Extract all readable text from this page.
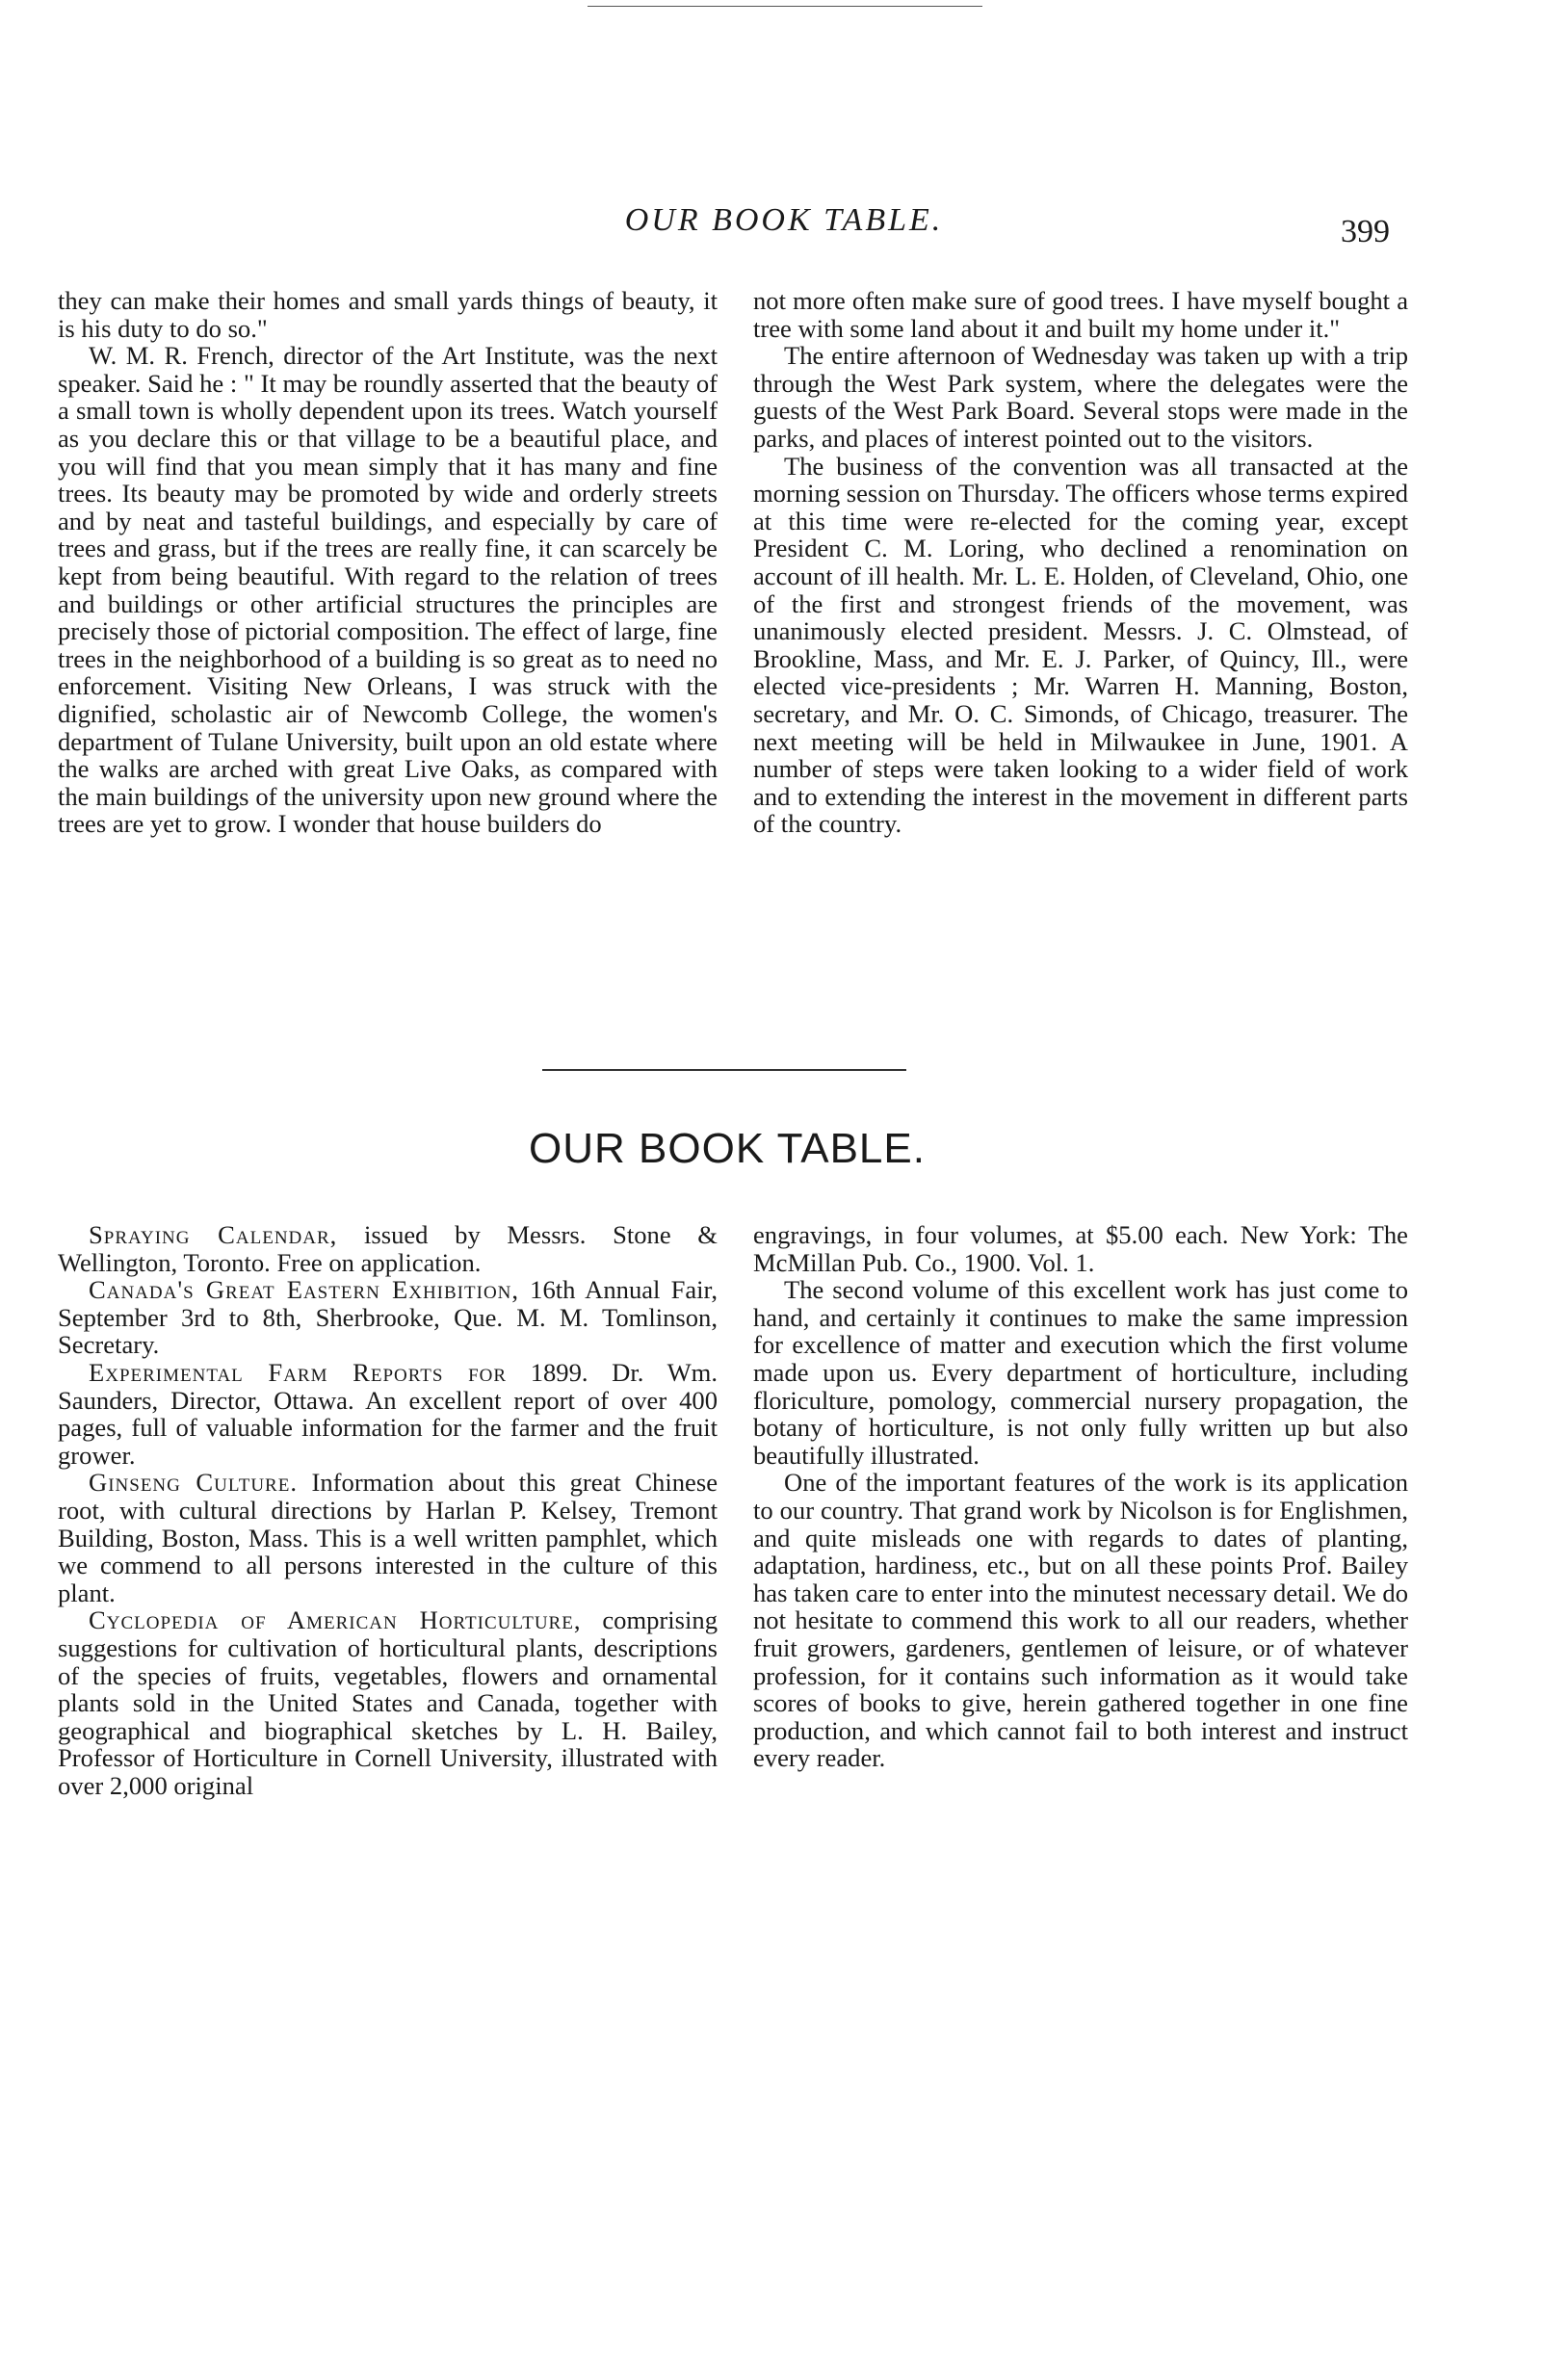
OUR BOOK TABLE.	399

they can make their homes and small yards things of beauty, it is his duty to do so."

W. M. R. French, director of the Art Institute, was the next speaker. Said he : " It may be roundly asserted that the beauty of a small town is wholly dependent upon its trees. Watch yourself as you declare this or that village to be a beautiful place, and you will find that you mean simply that it has many and fine trees. Its beauty may be promoted by wide and orderly streets and by neat and tasteful buildings, and especially by care of trees and grass, but if the trees are really fine, it can scarcely be kept from being beautiful. With regard to the relation of trees and buildings or other artificial structures the principles are precisely those of pictorial composition. The effect of large, fine trees in the neighborhood of a building is so great as to need no enforcement. Visiting New Orleans, I was struck with the dignified, scholastic air of Newcomb College, the women's department of Tulane University, built upon an old estate where the walks are arched with great Live Oaks, as compared with the main buildings of the university upon new ground where the trees are yet to grow. I wonder that house builders do

not more often make sure of good trees. I have myself bought a tree with some land about it and built my home under it."

The entire afternoon of Wednesday was taken up with a trip through the West Park system, where the delegates were the guests of the West Park Board. Several stops were made in the parks, and places of interest pointed out to the visitors.

The business of the convention was all transacted at the morning session on Thursday. The officers whose terms expired at this time were re-elected for the coming year, except President C. M. Loring, who declined a renomination on account of ill health. Mr. L. E. Holden, of Cleveland, Ohio, one of the first and strongest friends of the movement, was unanimously elected president. Messrs. J. C. Olmstead, of Brookline, Mass, and Mr. E. J. Parker, of Quincy, Ill., were elected vice-presidents ; Mr. Warren H. Manning, Boston, secretary, and Mr. O. C. Simonds, of Chicago, treasurer. The next meeting will be held in Milwaukee in June, 1901. A number of steps were taken looking to a wider field of work and to extending the interest in the movement in different parts of the country.

OUR BOOK TABLE.

Spraying Calendar, issued by Messrs. Stone & Wellington, Toronto. Free on application.

Canada's Great Eastern Exhibition, 16th Annual Fair, September 3rd to 8th, Sherbrooke, Que. M. M. Tomlinson, Secretary.

Experimental Farm Reports for 1899. Dr. Wm. Saunders, Director, Ottawa. An excellent report of over 400 pages, full of valuable information for the farmer and the fruit grower.

Ginseng Culture. Information about this great Chinese root, with cultural directions by Harlan P. Kelsey, Tremont Building, Boston, Mass. This is a well written pamphlet, which we commend to all persons interested in the culture of this plant.

Cyclopedia of American Horticulture, comprising suggestions for cultivation of horticultural plants, descriptions of the species of fruits, vegetables, flowers and ornamental plants sold in the United States and Canada, together with geographical and biographical sketches by L. H. Bailey, Professor of Horticulture in Cornell University, illustrated with over 2,000 original

engravings, in four volumes, at $5.00 each. New York: The McMillan Pub. Co., 1900. Vol. 1.

The second volume of this excellent work has just come to hand, and certainly it continues to make the same impression for excellence of matter and execution which the first volume made upon us. Every department of horticulture, including floriculture, pomology, commercial nursery propagation, the botany of horticulture, is not only fully written up but also beautifully illustrated.

One of the important features of the work is its application to our country. That grand work by Nicolson is for Englishmen, and quite misleads one with regards to dates of planting, adaptation, hardiness, etc., but on all these points Prof. Bailey has taken care to enter into the minutest necessary detail. We do not hesitate to commend this work to all our readers, whether fruit growers, gardeners, gentlemen of leisure, or of whatever profession, for it contains such information as it would take scores of books to give, herein gathered together in one fine production, and which cannot fail to both interest and instruct every reader.
